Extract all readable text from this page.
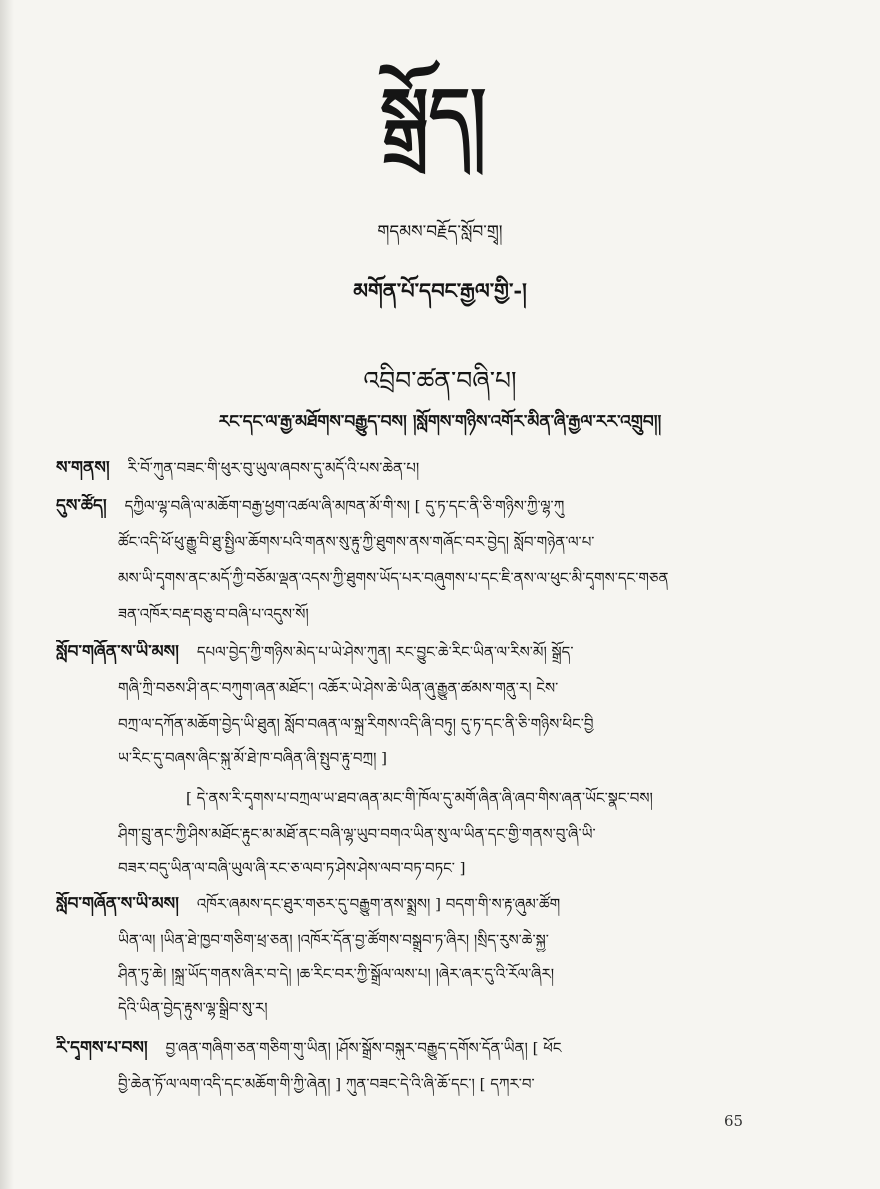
སྒྲོད།
གདམས་བརྗོད་སློབ་གྲྭ།
མགོན་པོ་དབང་རྒྱལ་གྱི་-།
འབྲིབ་ཚན་བཞི་པ།
རང་དང་ལ་རྒྱ་མཐོགས་བརྒྱུད་བས། །སློགས་གཉིས་འགོར་མིན་ཞི་རྒྱལ་རར་འགྲུབ།།
ས་གནས། རི་བོ་ཀུན་བཟང་གི་ཕུར་བུ་ཡུལ་ཞབས་དུ་མདོ་འི་པས་ཆེན་པ།
དུས་ཚོད། དཀྱིལ་ལྷ་བཞི་ལ་མཆོག་བརྒྱ་ཕྱག་འཚལ་ཞི་མཁན་མོ་གི་ས། [ དུ་ཏ་དང་ནི་ཅི་གཉིས་ཀྱི་ལྷ་ཀུ
ཚོང་འདི་ཕོ་ཕུ་རྒྱུ་བི་ཐུ་སྤྱིལ་ཆོགས་པའི་གནས་སུ་རྟུ་ཀྱི་ཐུགས་ནས་གཞོང་བར་བྱེད། སློབ་གཉེན་ལ་པ་
མས་ཡི་དྭགས་ནང་མདོ་ཀྱི་བཅོམ་ལྡན་འདས་ཀྱི་ཐུགས་ཡོད་པར་བཞུགས་པ་དང་ཇི་ནས་ལ་ཕུང་མི་དྭགས་དང་གཅན
ཟན་འཁོར་བརྡ་བཅུ་བ་བཞི་པ་འདུས་སོ།
སློབ་གཞོན་ས་ཡི་མས། དཔལ་བྱེད་ཀྱི་གཉིས་མེད་པ་ཡེ་ཤེས་ཀུན། རང་བྱུང་ཆེ་རིང་ཡིན་ལ་རིས་མོ། སྒྲོད་
གཞི་ཀྲི་བཅས་ཤི་ནང་བཀུག་ཞན་མཐོང་། འཆོར་ཡེ་ཤེས་ཆེ་ཡིན་ཞུ་རྒྱུན་ཚམས་གནུ་ར། ངེས་
བཀྲ་ལ་དཀོན་མཆོག་བྱེད་ཡི་ཐུན། སློབ་བཞན་ལ་སྐྲ་རིགས་འདི་ཞི་བཏུ། དུ་ཏ་དང་ནི་ཅི་གཉིས་ཕིང་བྱི
ཡ་རིང་དུ་བཞས་ཞིང་སྐུ་མོ་ཐེ་ཁ་བཞིན་ཞི་སྤུབ་རྟུ་བཀྲ། ]
[ དེ་ནས་རི་དྭགས་པ་བཀྲལ་ཡ་ཐབ་ཞན་མང་གི་ཁོལ་དུ་མགོ་ཞིན་ཞི་ཞབ་གིས་ཞན་ཡོང་སྣང་བས།
ཤིག་བྲུ་ནང་ཀྱི་ཤིས་མཐོང་རྟུང་མ་མཐོ་ནང་བཞི་ལྷ་ཡུབ་བགའ་ཡིན་སུ་ལ་ཡིན་དང་གྱི་གནས་བུ་ཞི་ཡི་
བཟར་བདུ་ཡིན་ལ་བཞི་ཡུལ་ཞི་རང་ཅ་ལབ་ཏ་ཤེས་ཤེས་ལབ་བཏ་བཏང་ ]
སློབ་གཞོན་ས་ཡི་མས། འཁོར་ཞམས་དང་ཐུར་གཅར་དུ་བརྒྱུག་ནས་སྨྲས། ] བདག་གི་ས་རྟ་ཞུམ་ཚོག
ཡིན་ལ། །ཡིན་ཐེ་ཁྱབ་གཅིག་ཕྲ་ཅན། །འཁོར་དོན་བྱ་ཚོགས་བསྒྲུབ་ཏ་ཞིར། །སྲིད་རུས་ཆེ་སྐྱ་
ཤིན་ཏུ་ཆེ། །སྐྲ་ཡོད་གནས་ཞིར་བ་དེ། །ཆ་རིང་བར་ཀྱི་སྒྲོལ་ལས་པ། །ཞེར་ཞར་དུ་འི་རོལ་ཞིར།
དེའི་ཡིན་བྱེད་རྟུས་ལྷ་སྒྲིབ་སུ་ར།
རི་དྭགས་པ་བས། བྱ་ཞན་གཞིག་ཅན་གཅིག་གུ་ཡིན། །ཤོས་སྒྲོས་བསྐུར་བརྒྱུད་དགོས་དོན་ཡིན། [ ཕོང
བྱི་ཆེན་ཏོ་ལ་ལག་འདི་དང་མཆོག་གི་ཀྱི་ཞེན། ] ཀུན་བཟང་དེ་འི་ཞི་ཆོ་དང་། [ དཀར་བ་
65
